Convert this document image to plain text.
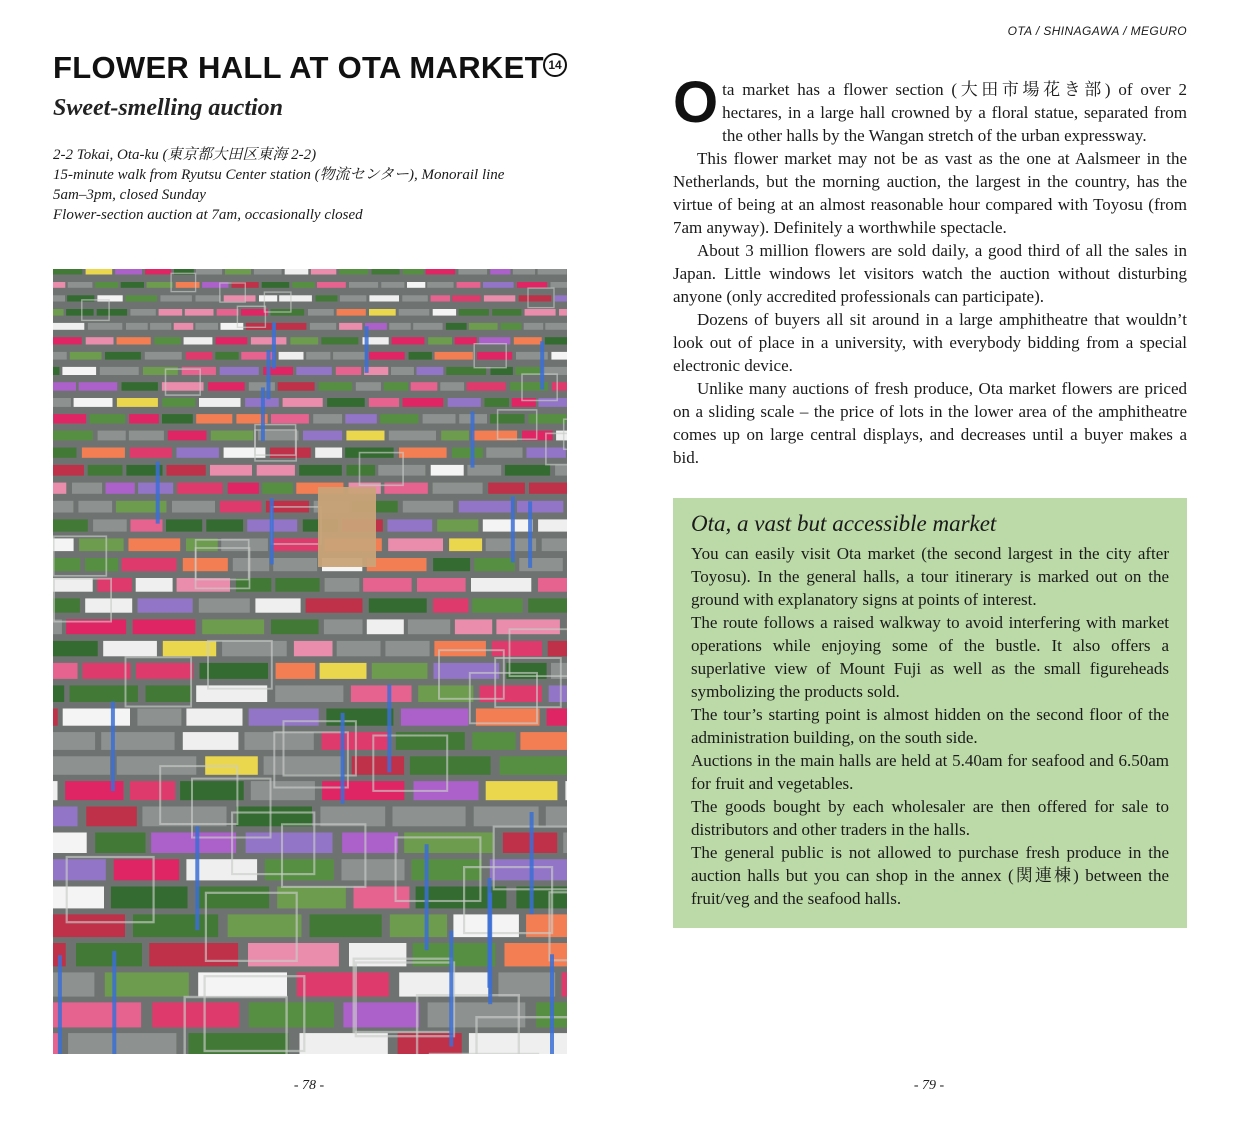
OTA / SHINAGAWA / MEGURO
FLOWER HALL AT OTA MARKET 14
Sweet-smelling auction
2-2 Tokai, Ota-ku (東京都大田区東海 2-2)
15-minute walk from Ryutsu Center station (物流センター), Monorail line
5am–3pm, closed Sunday
Flower-section auction at 7am, occasionally closed

Ota market has a flower section (大田市場花き部) of over 2 hectares, in a large hall crowned by a floral statue, separated from the other halls by the Wangan stretch of the urban expressway.

This flower market may not be as vast as the one at Aalsmeer in the Netherlands, but the morning auction, the largest in the country, has the virtue of being at an almost reasonable hour compared with Toyosu (from 7am anyway). Definitely a worthwhile spectacle.

About 3 million flowers are sold daily, a good third of all the sales in Japan. Little windows let visitors watch the auction without disturbing anyone (only accredited professionals can participate).

Dozens of buyers all sit around in a large amphitheatre that wouldn’t look out of place in a university, with everybody bidding from a special electronic device.

Unlike many auctions of fresh produce, Ota market flowers are priced on a sliding scale – the price of lots in the lower area of the amphitheatre comes up on large central displays, and decreases until a buyer makes a bid.

Ota, a vast but accessible market

You can easily visit Ota market (the second largest in the city after Toyosu). In the general halls, a tour itinerary is marked out on the ground with explanatory signs at points of interest.

The route follows a raised walkway to avoid interfering with market operations while enjoying some of the bustle. It also offers a superlative view of Mount Fuji as well as the small figureheads symbolizing the products sold.

The tour’s starting point is almost hidden on the second floor of the administration building, on the south side.

Auctions in the main halls are held at 5.40am for seafood and 6.50am for fruit and vegetables.

The goods bought by each wholesaler are then offered for sale to distributors and other traders in the halls.

The general public is not allowed to purchase fresh produce in the auction halls but you can shop in the annex (関連棟) between the fruit/veg and the seafood halls.

- 78 -	- 79 -
